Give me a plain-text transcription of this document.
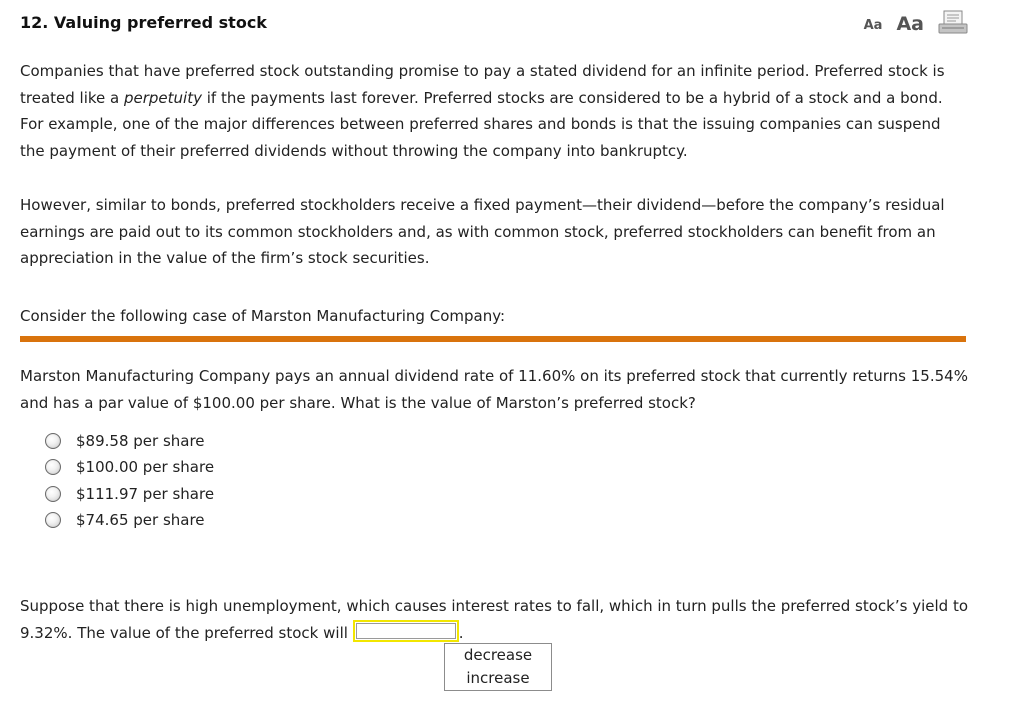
12. Valuing preferred stock	Aa Aa

Companies that have preferred stock outstanding promise to pay a stated dividend for an infinite period. Preferred stock is treated like a perpetuity if the payments last forever. Preferred stocks are considered to be a hybrid of a stock and a bond. For example, one of the major differences between preferred shares and bonds is that the issuing companies can suspend the payment of their preferred dividends without throwing the company into bankruptcy.

However, similar to bonds, preferred stockholders receive a fixed payment—their dividend—before the company’s residual earnings are paid out to its common stockholders and, as with common stock, preferred stockholders can benefit from an appreciation in the value of the firm’s stock securities.

Consider the following case of Marston Manufacturing Company:

Marston Manufacturing Company pays an annual dividend rate of 11.60% on its preferred stock that currently returns 15.54% and has a par value of $100.00 per share. What is the value of Marston’s preferred stock?

$89.58 per share
$100.00 per share
$111.97 per share
$74.65 per share

Suppose that there is high unemployment, which causes interest rates to fall, which in turn pulls the preferred stock’s yield to 9.32%. The value of the preferred stock will	.

decrease
increase
